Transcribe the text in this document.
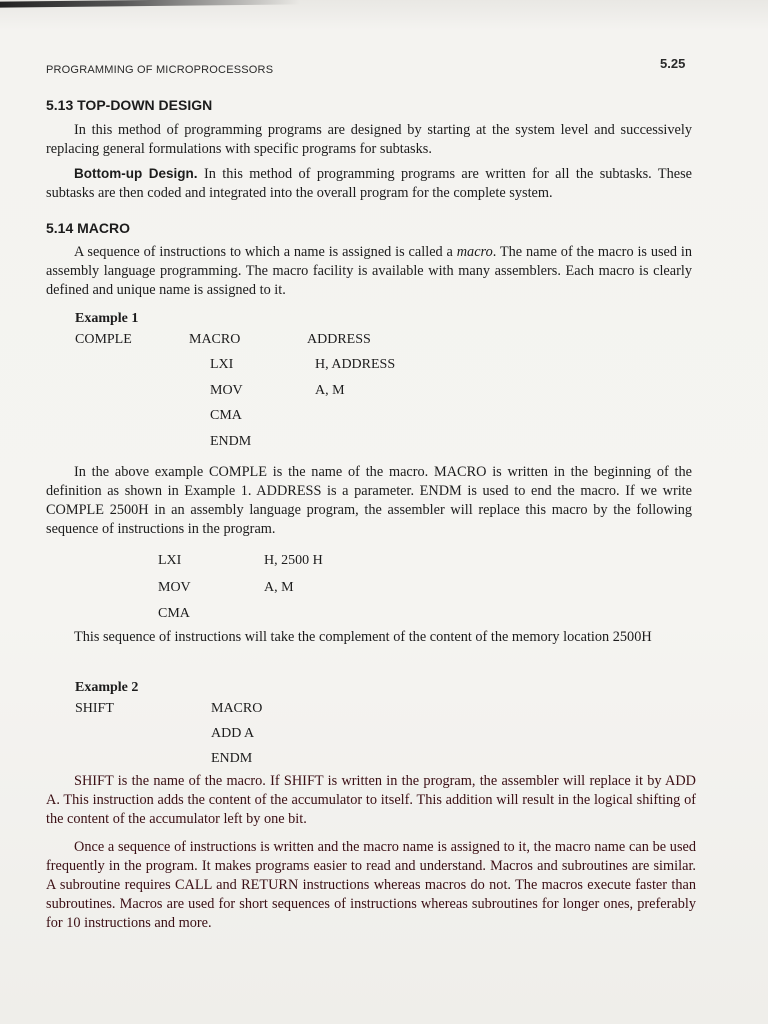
PROGRAMMING OF MICROPROCESSORS	5.25
5.13 TOP-DOWN DESIGN
In this method of programming programs are designed by starting at the system level and successively replacing general formulations with specific programs for subtasks.
Bottom-up Design. In this method of programming programs are written for all the subtasks. These subtasks are then coded and integrated into the overall program for the complete system.
5.14 MACRO
A sequence of instructions to which a name is assigned is called a macro. The name of the macro is used in assembly language programming. The macro facility is available with many assemblers. Each macro is clearly defined and unique name is assigned to it.
Example 1
COMPLE	MACRO	ADDRESS
LXI	H, ADDRESS
MOV	A, M
CMA
ENDM
In the above example COMPLE is the name of the macro. MACRO is written in the beginning of the definition as shown in Example 1. ADDRESS is a parameter. ENDM is used to end the macro. If we write COMPLE 2500H in an assembly language program, the assembler will replace this macro by the following sequence of instructions in the program.
LXI	H, 2500 H
MOV	A, M
CMA
This sequence of instructions will take the complement of the content of the memory location 2500H
Example 2
SHIFT	MACRO
ADD A
ENDM
SHIFT is the name of the macro. If SHIFT is written in the program, the assembler will replace it by ADD A. This instruction adds the content of the accumulator to itself. This addition will result in the logical shifting of the content of the accumulator left by one bit.
Once a sequence of instructions is written and the macro name is assigned to it, the macro name can be used frequently in the program. It makes programs easier to read and understand. Macros and subroutines are similar. A subroutine requires CALL and RETURN instructions whereas macros do not. The macros execute faster than subroutines. Macros are used for short sequences of instructions whereas subroutines for longer ones, preferably for 10 instructions and more.
